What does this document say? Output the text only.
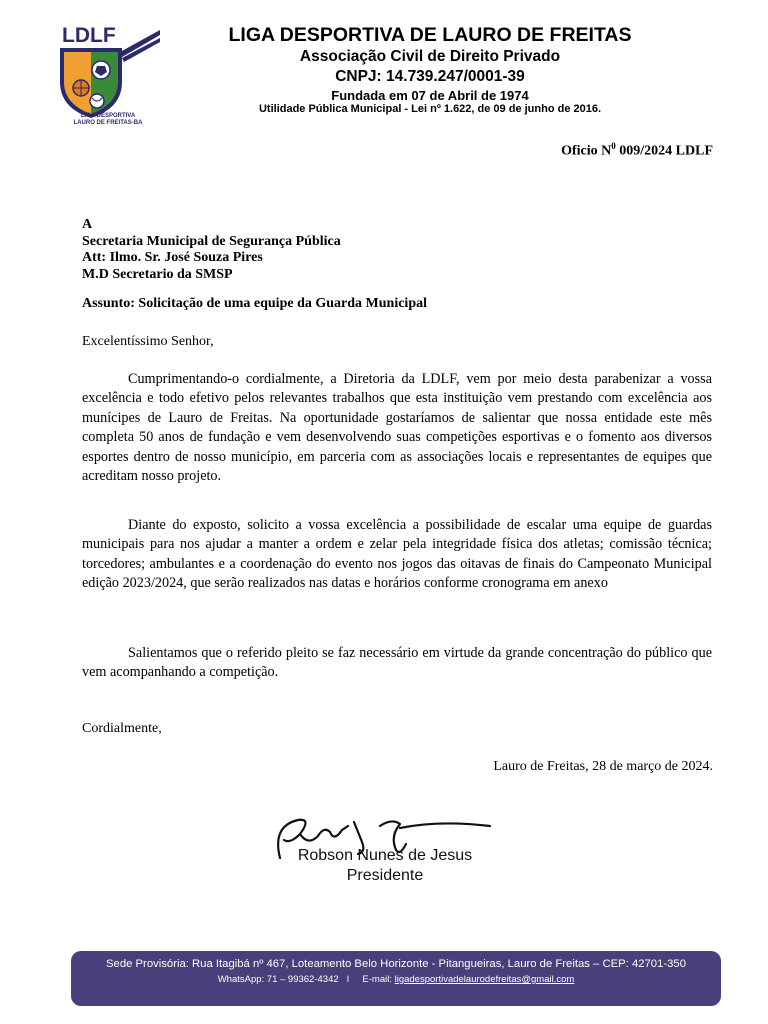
LDLF
LIGA DESPORTIVA
LAURO DE FREITAS-BA
LIGA DESPORTIVA DE LAURO DE FREITAS
Associação Civil de Direito Privado
CNPJ: 14.739.247/0001-39
Fundada em 07 de Abril de 1974
Utilidade Pública Municipal - Lei nº 1.622, de 09 de junho de 2016.
Oficio $N^0$ 009/2024 LDLF
A
Secretaria Municipal de Segurança Pública
Att: Ilmo. Sr. José Souza Pires
M.D Secretario da SMSP
Assunto: Solicitação de uma equipe da Guarda Municipal
Excelentíssimo Senhor,
Cumprimentando-o cordialmente, a Diretoria da LDLF, vem por meio desta parabenizar a vossa excelência e todo efetivo pelos relevantes trabalhos que esta instituição vem prestando com excelência aos munícipes de Lauro de Freitas. Na oportunidade gostaríamos de salientar que nossa entidade este mês completa 50 anos de fundação e vem desenvolvendo suas competições esportivas e o fomento aos diversos esportes dentro de nosso município, em parceria com as associações locais e representantes de equipes que acreditam nosso projeto.
Diante do exposto, solicito a vossa excelência a possibilidade de escalar uma equipe de guardas municipais para nos ajudar a manter a ordem e zelar pela integridade física dos atletas; comissão técnica; torcedores; ambulantes e a coordenação do evento nos jogos das oitavas de finais do Campeonato Municipal edição 2023/2024, que serão realizados nas datas e horários conforme cronograma em anexo
Salientamos que o referido pleito se faz necessário em virtude da grande concentração do público que vem acompanhando a competição.
Cordialmente,
Lauro de Freitas, 28 de março de 2024.
Robson Nunes de Jesus
Presidente
Sede Provisória: Rua Itagibá nº 467, Loteamento Belo Horizonte - Pitangueiras, Lauro de Freitas – CEP: 42701-350
WhatsApp: 71 – 99362-4342 I E-mail: ligadesportivadelaurodefreitas@gmail.com
